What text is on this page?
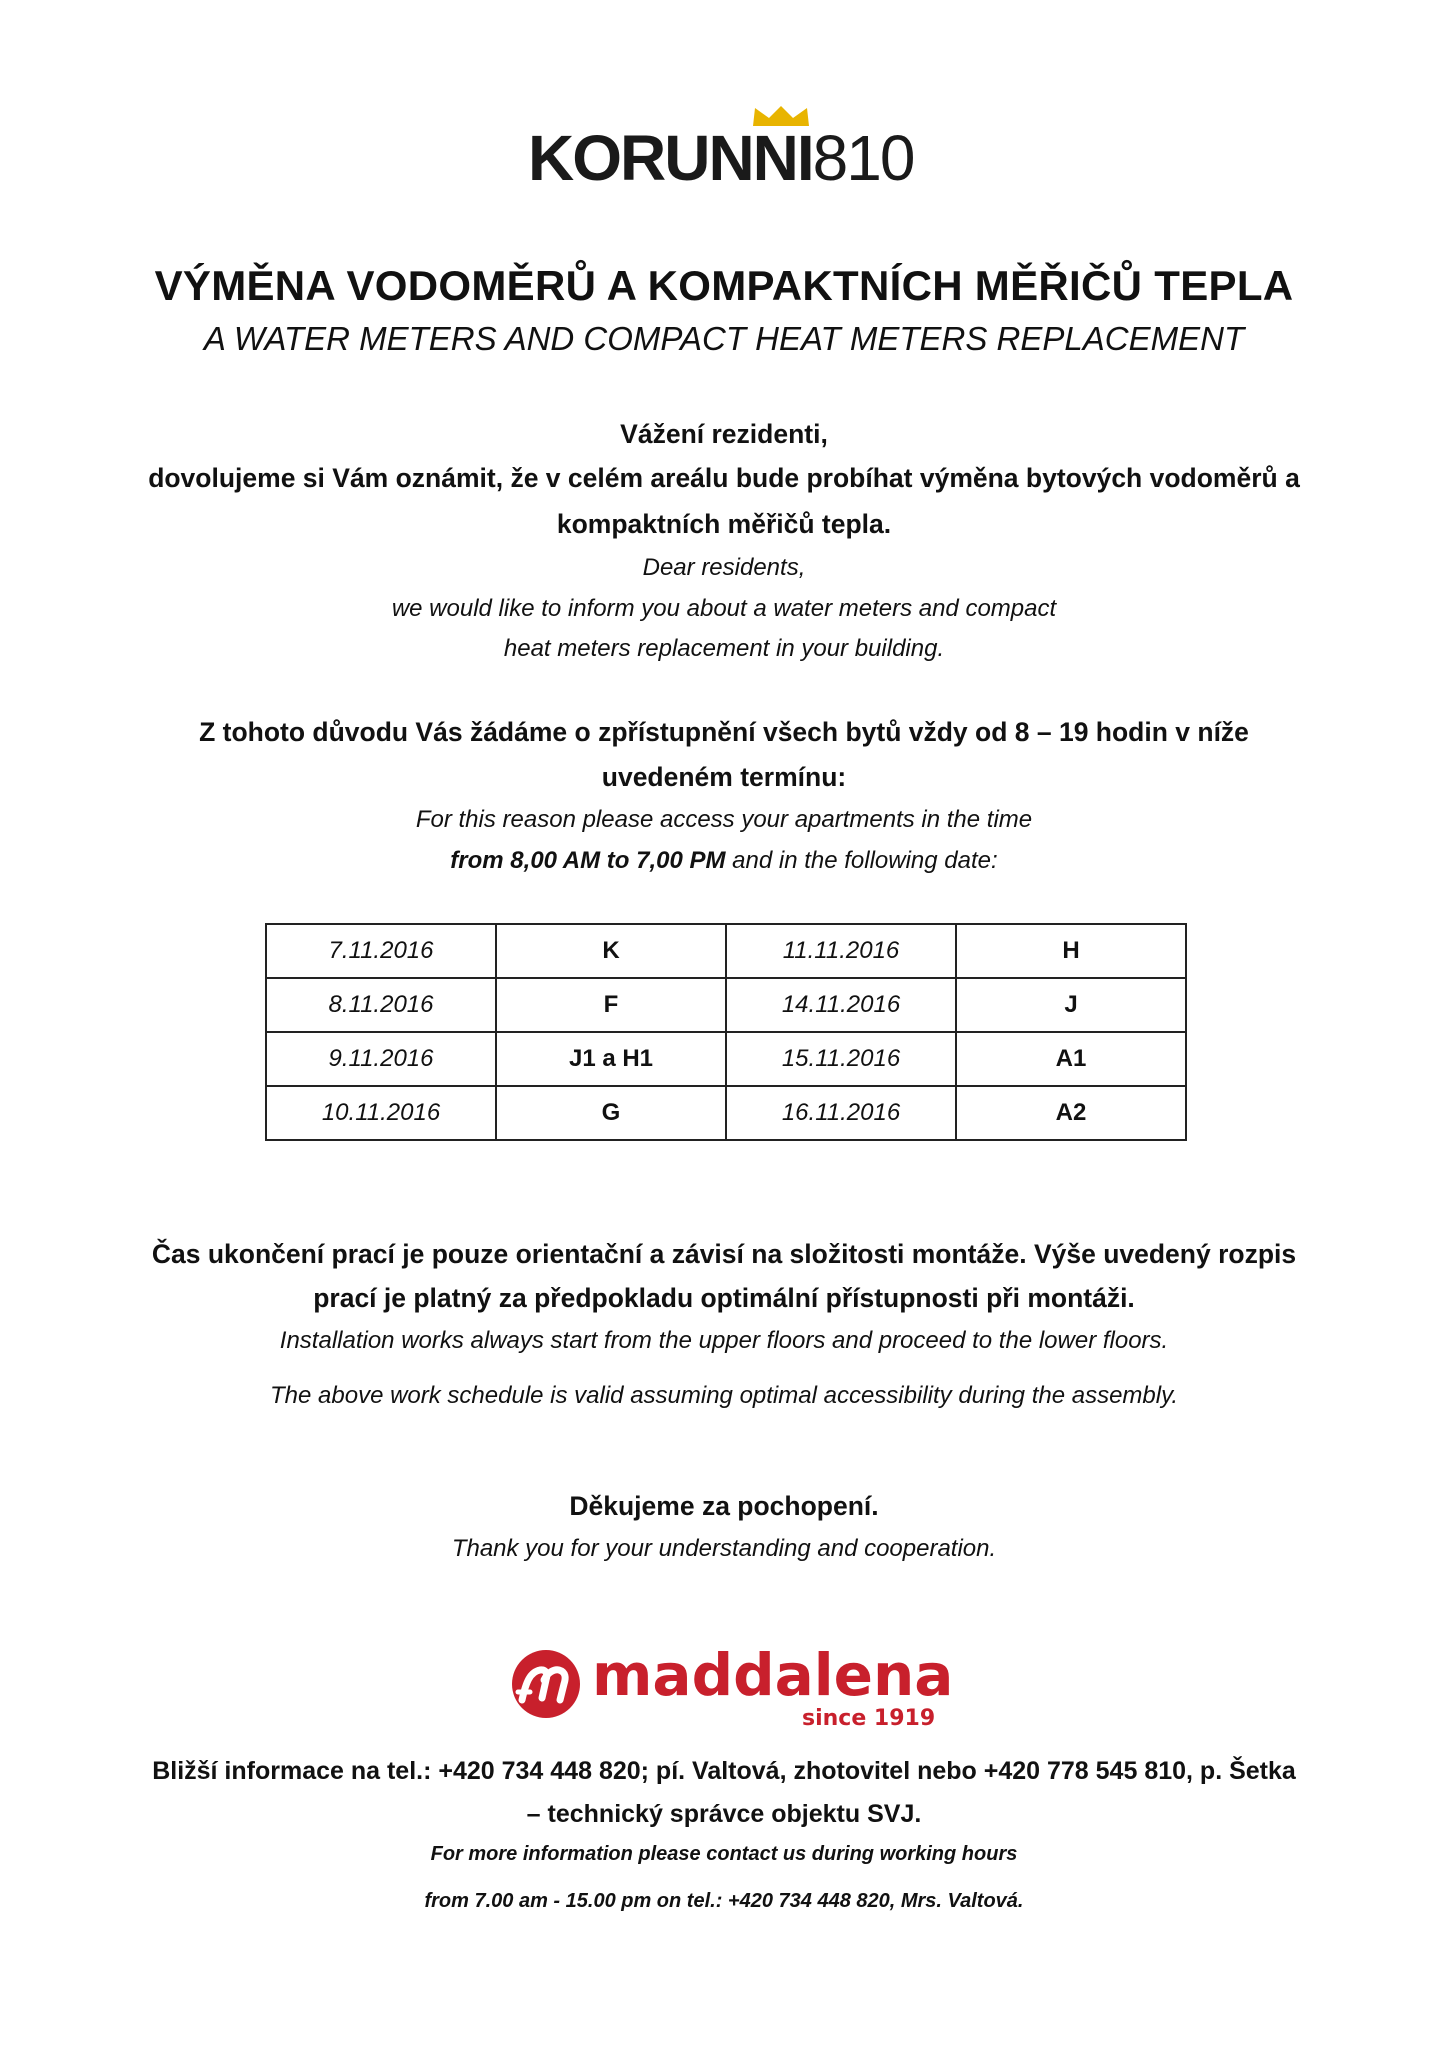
KORUNNI810
VÝMĚNA VODOMĚRŮ A KOMPAKTNÍCH MĚŘIČŮ TEPLA
A WATER METERS AND COMPACT HEAT METERS REPLACEMENT
Vážení rezidenti,
dovolujeme si Vám oznámit, že v celém areálu bude probíhat výměna bytových vodoměrů a
kompaktních měřičů tepla.
Dear residents,
we would like to inform you about a water meters and compact
heat meters replacement in your building.
Z tohoto důvodu Vás žádáme o zpřístupnění všech bytů vždy od 8 – 19 hodin v níže
uvedeném termínu:
For this reason please access your apartments in the time
from 8,00 AM to 7,00 PM and in the following date:
7.11.2016	K	11.11.2016	H
8.11.2016	F	14.11.2016	J
9.11.2016	J1 a H1	15.11.2016	A1
10.11.2016	G	16.11.2016	A2
Čas ukončení prací je pouze orientační a závisí na složitosti montáže. Výše uvedený rozpis
prací je platný za předpokladu optimální přístupnosti při montáži.
Installation works always start from the upper floors and proceed to the lower floors.
The above work schedule is valid assuming optimal accessibility during the assembly.
Děkujeme za pochopení.
Thank you for your understanding and cooperation.
maddalena
since 1919
Bližší informace na tel.: +420 734 448 820; pí. Valtová, zhotovitel nebo +420 778 545 810, p. Šetka
– technický správce objektu SVJ.
For more information please contact us during working hours
from 7.00 am - 15.00 pm on tel.: +420 734 448 820, Mrs. Valtová.
